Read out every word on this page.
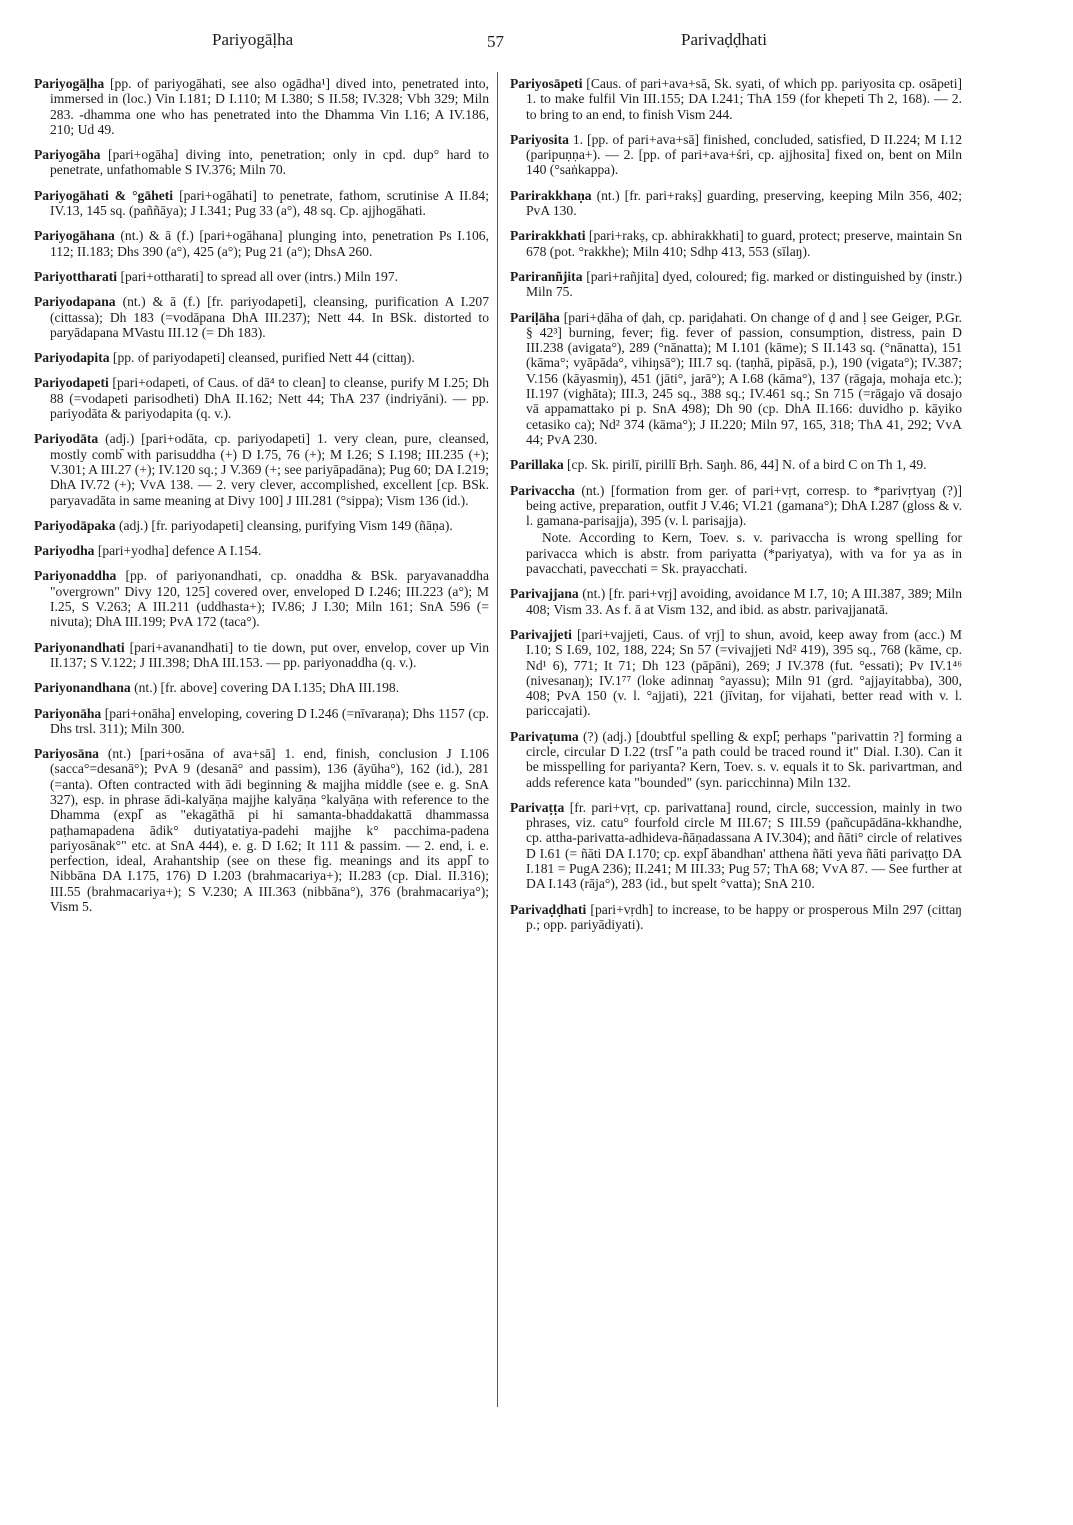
Pariyogāḷha	57	Parivaḍḍhati

Pariyogāḷha [pp. of pariyogāhati, see also ogādha¹] dived into, penetrated into, immersed in (loc.) Vin I.181; D I.110; M I.380; S II.58; IV.328; Vbh 329; Miln 283. -dhamma one who has penetrated into the Dhamma Vin I.16; A IV.186, 210; Ud 49.

Pariyogāha [pari+ogāha] diving into, penetration; only in cpd. dup° hard to penetrate, unfathomable S IV.376; Miln 70.

Pariyogāhati & °gāheti [pari+ogāhati] to penetrate, fathom, scrutinise A II.84; IV.13, 145 sq. (paññāya); J I.341; Pug 33 (a°), 48 sq. Cp. ajjhogāhati.

Pariyogāhana (nt.) & ā (f.) [pari+ogāhana] plunging into, penetration Ps I.106, 112; II.183; Dhs 390 (a°), 425 (a°); Pug 21 (a°); DhsA 260.

Pariyottharati [pari+ottharati] to spread all over (intrs.) Miln 197.

Pariyodapana (nt.) & ā (f.) [fr. pariyodapeti], cleansing, purification A I.207 (cittassa); Dh 183 (=vodāpana DhA III.237); Nett 44. In BSk. distorted to paryādapana MVastu III.12 (= Dh 183).

Pariyodapita [pp. of pariyodapeti] cleansed, purified Nett 44 (cittaŋ).

Pariyodapeti [pari+odapeti, of Caus. of dā⁴ to clean] to cleanse, purify M I.25; Dh 88 (=vodapeti parisodheti) DhA II.162; Nett 44; ThA 237 (indriyāni). — pp. pariyodāta & pariyodapita (q. v.).

Pariyodāta (adj.) [pari+odāta, cp. pariyodapeti] 1. very clean, pure, cleansed, mostly comb᷈ with parisuddha (+) D I.75, 76 (+); M I.26; S I.198; III.235 (+); V.301; A III.27 (+); IV.120 sq.; J V.369 (+; see pariyāpadāna); Pug 60; DA I.219; DhA IV.72 (+); VvA 138. — 2. very clever, accomplished, excellent [cp. BSk. paryavadāta in same meaning at Divy 100] J III.281 (°sippa); Vism 136 (id.).

Pariyodāpaka (adj.) [fr. pariyodapeti] cleansing, purifying Vism 149 (ñāṇa).

Pariyodha [pari+yodha] defence A I.154.

Pariyonaddha [pp. of pariyonandhati, cp. onaddha & BSk. paryavanaddha "overgrown" Divy 120, 125] covered over, enveloped D I.246; III.223 (a°); M I.25, S V.263; A III.211 (uddhasta+); IV.86; J I.30; Miln 161; SnA 596 (= nivuta); DhA III.199; PvA 172 (taca°).

Pariyonandhati [pari+avanandhati] to tie down, put over, envelop, cover up Vin II.137; S V.122; J III.398; DhA III.153. — pp. pariyonaddha (q. v.).

Pariyonandhana (nt.) [fr. above] covering DA I.135; DhA III.198.

Pariyonāha [pari+onāha] enveloping, covering D I.246 (=nīvaraṇa); Dhs 1157 (cp. Dhs trsl. 311); Miln 300.

Pariyosāna (nt.) [pari+osāna of ava+sā] 1. end, finish, conclusion J I.106 (sacca°=desanā°); PvA 9 (desanā° and passim), 136 (āyūha°), 162 (id.), 281 (=anta). Often contracted with ādi beginning & majjha middle (see e. g. SnA 327), esp. in phrase ādi-kalyāṇa majjhe kalyāṇa °kalyāṇa with reference to the Dhamma (expl᷈ as "ekagāthā pi hi samanta-bhaddakattā dhammassa paṭhamapadena ādik° dutiyatatiya-padehi majjhe k° pacchima-padena pariyosānak°" etc. at SnA 444), e. g. D I.62; It 111 & passim. — 2. end, i. e. perfection, ideal, Arahantship (see on these fig. meanings and its appl᷈ to Nibbāna DA I.175, 176) D I.203 (brahmacariya+); II.283 (cp. Dial. II.316); III.55 (brahmacariya+); S V.230; A III.363 (nibbāna°), 376 (brahmacariya°); Vism 5.

Pariyosāpeti [Caus. of pari+ava+sā, Sk. syati, of which pp. pariyosita cp. osāpeti] 1. to make fulfil Vin III.155; DA I.241; ThA 159 (for khepeti Th 2, 168). — 2. to bring to an end, to finish Vism 244.

Pariyosita 1. [pp. of pari+ava+sā] finished, concluded, satisfied, D II.224; M I.12 (paripuṇṇa+). — 2. [pp. of pari+ava+śri, cp. ajjhosita] fixed on, bent on Miln 140 (°saṅkappa).

Parirakkhaṇa (nt.) [fr. pari+rakṣ] guarding, preserving, keeping Miln 356, 402; PvA 130.

Parirakkhati [pari+rakṣ, cp. abhirakkhati] to guard, protect; preserve, maintain Sn 678 (pot. °rakkhe); Miln 410; Sdhp 413, 553 (sīlaŋ).

Pariranñjita [pari+rañjita] dyed, coloured; fig. marked or distinguished by (instr.) Miln 75.

Pariḷāha [pari+ḍāha of ḍah, cp. pariḍahati. On change of ḍ and ḷ see Geiger, P.Gr. § 42³] burning, fever; fig. fever of passion, consumption, distress, pain D III.238 (avigata°), 289 (°nānatta); M I.101 (kāme); S II.143 sq. (°nānatta), 151 (kāma°; vyāpāda°, vihiŋsā°); III.7 sq. (taṇhā, pipāsā, p.), 190 (vigata°); IV.387; V.156 (kāyasmiŋ), 451 (jāti°, jarā°); A I.68 (kāma°), 137 (rāgaja, mohaja etc.); II.197 (vighāta); III.3, 245 sq., 388 sq.; IV.461 sq.; Sn 715 (=rāgajo vā dosajo vā appamattako pi p. SnA 498); Dh 90 (cp. DhA II.166: duvidho p. kāyiko cetasiko ca); Nd² 374 (kāma°); J II.220; Miln 97, 165, 318; ThA 41, 292; VvA 44; PvA 230.

Parillaka [cp. Sk. pirilī, pirillī Bṛh. Saŋh. 86, 44] N. of a bird C on Th 1, 49.

Parivaccha (nt.) [formation from ger. of pari+vṛt, corresp. to *parivṛtyaŋ (?)] being active, preparation, outfit J V.46; VI.21 (gamana°); DhA I.287 (gloss & v. l. gamana-parisajja), 395 (v. l. parisajja).

Note. According to Kern, Toev. s. v. parivaccha is wrong spelling for parivacca which is abstr. from pariyatta (*pariyatya), with va for ya as in pavacchati, pavecchati = Sk. prayacchati.

Parivajjana (nt.) [fr. pari+vṛj] avoiding, avoidance M I.7, 10; A III.387, 389; Miln 408; Vism 33. As f. ā at Vism 132, and ibid. as abstr. parivajjanatā.

Parivajjeti [pari+vajjeti, Caus. of vṛj] to shun, avoid, keep away from (acc.) M I.10; S I.69, 102, 188, 224; Sn 57 (=vivajjeti Nd² 419), 395 sq., 768 (kāme, cp. Nd¹ 6), 771; It 71; Dh 123 (pāpāni), 269; J IV.378 (fut. °essati); Pv IV.1⁴⁶ (nivesanaŋ); IV.1⁷⁷ (loke adinnaŋ °ayassu); Miln 91 (grd. °ajjayitabba), 300, 408; PvA 150 (v. l. °ajjati), 221 (jīvitaŋ, for vijahati, better read with v. l. pariccajati).

Parivaṭuma (?) (adj.) [doubtful spelling & expl᷈; perhaps "parivattin ?] forming a circle, circular D I.22 (trsl᷈ "a path could be traced round it" Dial. I.30). Can it be misspelling for pariyanta? Kern, Toev. s. v. equals it to Sk. parivartman, and adds reference kata "bounded" (syn. paricchinna) Miln 132.

Parivaṭṭa [fr. pari+vṛt, cp. parivattana] round, circle, succession, mainly in two phrases, viz. catu° fourfold circle M III.67; S III.59 (pañcupādāna-kkhandhe, cp. attha-parivatta-adhideva-ñāṇadassana A IV.304); and ñāti° circle of relatives D I.61 (= ñāti DA I.170; cp. expl᷈ ābandhan' atthena ñāti yeva ñāti parivaṭṭo DA I.181 = PugA 236); II.241; M III.33; Pug 57; ThA 68; VvA 87. — See further at DA I.143 (rāja°), 283 (id., but spelt °vatta); SnA 210.

Parivaḍḍhati [pari+vṛdh] to increase, to be happy or prosperous Miln 297 (cittaŋ p.; opp. pariyādiyati).
